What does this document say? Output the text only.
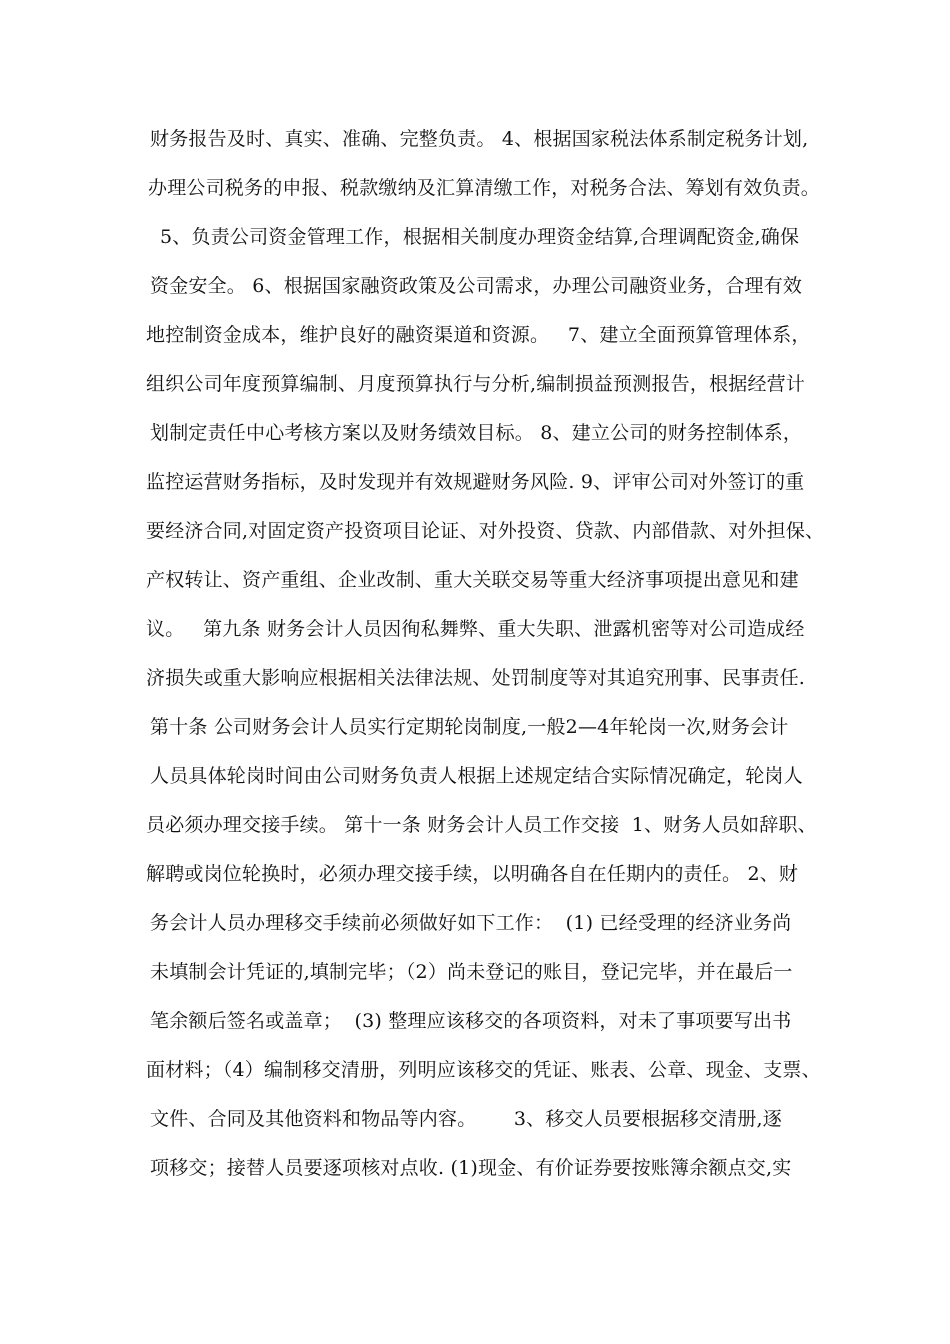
财务报告及时、真实、准确、完整负责。 4、根据国家税法体系制定税务计划,
办理公司税务的申报、税款缴纳及汇算清缴工作，对税务合法、筹划有效负责。
5、负责公司资金管理工作，根据相关制度办理资金结算,合理调配资金,确保
资金安全。 6、根据国家融资政策及公司需求，办理公司融资业务，合理有效
地控制资金成本，维护良好的融资渠道和资源。   7、建立全面预算管理体系，
组织公司年度预算编制、月度预算执行与分析,编制损益预测报告，根据经营计
划制定责任中心考核方案以及财务绩效目标。 8、建立公司的财务控制体系，
监控运营财务指标，及时发现并有效规避财务风险. 9、评审公司对外签订的重
要经济合同,对固定资产投资项目论证、对外投资、贷款、内部借款、对外担保、
产权转让、资产重组、企业改制、重大关联交易等重大经济事项提出意见和建
议。   第九条 财务会计人员因徇私舞弊、重大失职、泄露机密等对公司造成经
济损失或重大影响应根据相关法律法规、处罚制度等对其追究刑事、民事责任.
第十条 公司财务会计人员实行定期轮岗制度,一般2—4年轮岗一次,财务会计
人员具体轮岗时间由公司财务负责人根据上述规定结合实际情况确定，轮岗人
员必须办理交接手续。 第十一条 财务会计人员工作交接  1、财务人员如辞职、
解聘或岗位轮换时，必须办理交接手续，以明确各自在任期内的责任。 2、财
务会计人员办理移交手续前必须做好如下工作：  (1) 已经受理的经济业务尚
未填制会计凭证的,填制完毕；（2）尚未登记的账目，登记完毕，并在最后一
笔余额后签名或盖章；  (3) 整理应该移交的各项资料，对未了事项要写出书
面材料；（4）编制移交清册，列明应该移交的凭证、账表、公章、现金、支票、
文件、合同及其他资料和物品等内容。      3、移交人员要根据移交清册,逐
项移交；接替人员要逐项核对点收. (1)现金、有价证券要按账簿余额点交,实
